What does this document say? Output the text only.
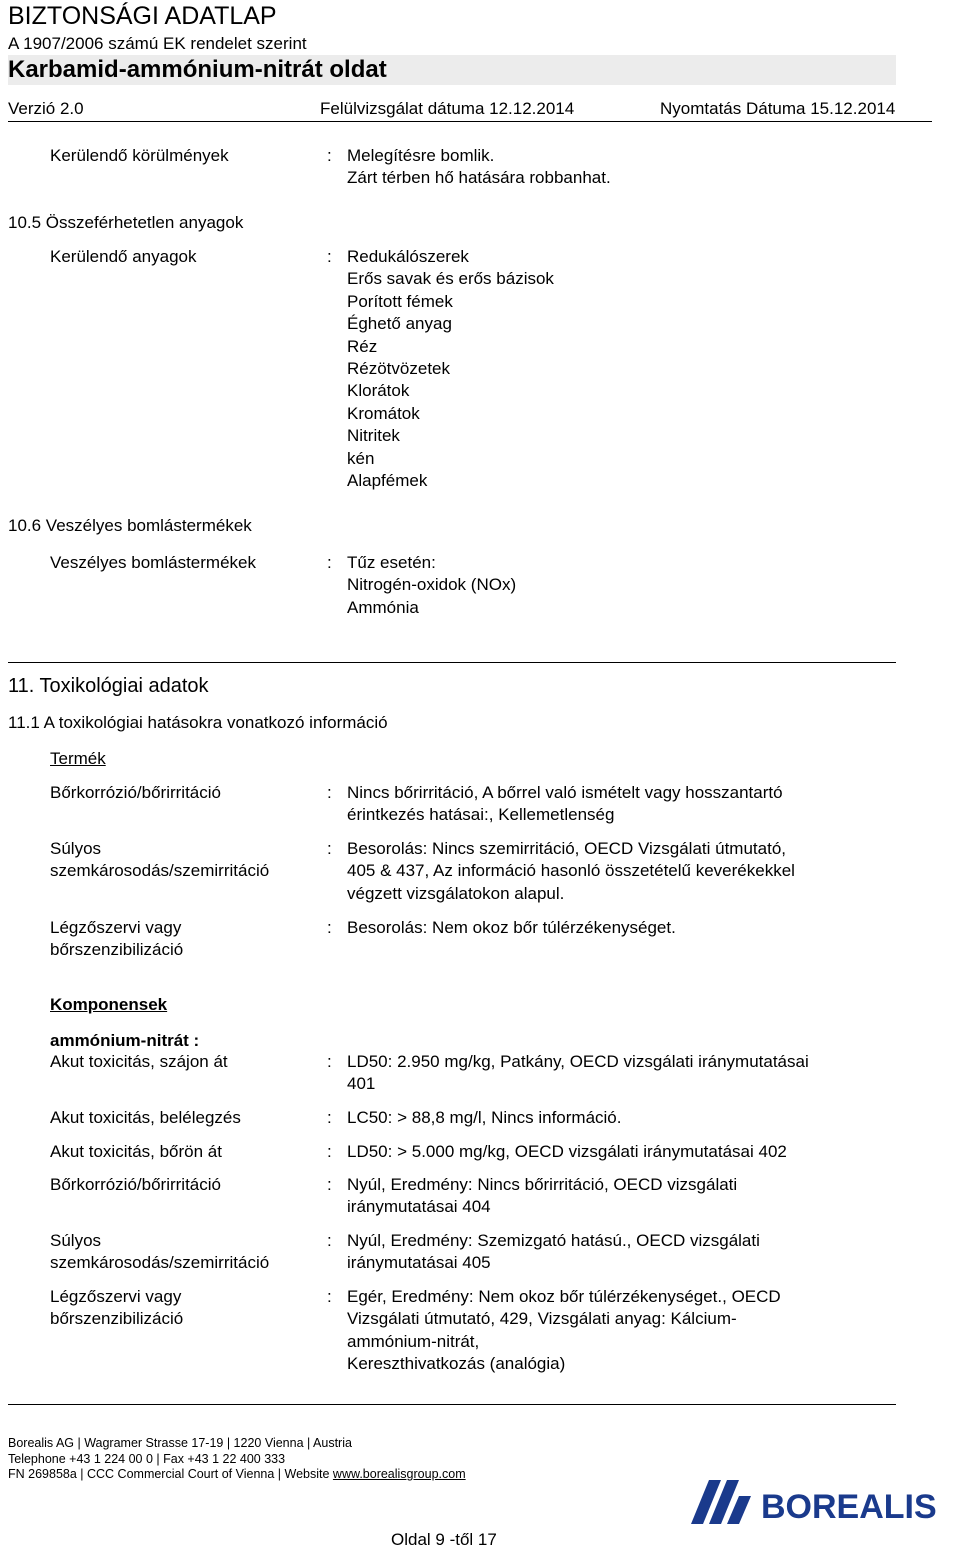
BIZTONSÁGI ADATLAP
A 1907/2006 számú EK rendelet szerint
Karbamid-ammónium-nitrát oldat
Verzió 2.0	Felülvizsgálat dátuma 12.12.2014	Nyomtatás Dátuma 15.12.2014
Kerülendő körülmények	: Melegítésre bomlik.
Zárt térben hő hatására robbanhat.
10.5 Összeférhetetlen anyagok
Kerülendő anyagok	: Redukálószerek
Erős savak és erős bázisok
Porított fémek
Éghető anyag
Réz
Rézötvözetek
Klorátok
Kromátok
Nitritek
kén
Alapfémek
10.6 Veszélyes bomlástermékek
Veszélyes bomlástermékek	: Tűz esetén:
Nitrogén-oxidok (NOx)
Ammónia
11. Toxikológiai adatok
11.1 A toxikológiai hatásokra vonatkozó információ
Termék
Bőrkorrózió/bőrirritáció	: Nincs bőrirritáció, A bőrrel való ismételt vagy hosszantartó
érintkezés hatásai:, Kellemetlenség
Súlyos
szemkárosodás/szemirritáció
: Besorolás: Nincs szemirritáció, OECD Vizsgálati útmutató,
405 & 437, Az információ hasonló összetételű keverékekkel
végzett vizsgálatokon alapul.
Légzőszervi vagy
bőrszenzibilizáció
: Besorolás: Nem okoz bőr túlérzékenységet.
Komponensek
ammónium-nitrát :
Akut toxicitás, szájon át	: LD50: 2.950 mg/kg, Patkány, OECD vizsgálati iránymutatásai
401
Akut toxicitás, belélegzés	: LC50: > 88,8 mg/l, Nincs információ.
Akut toxicitás, bőrön át	: LD50: > 5.000 mg/kg, OECD vizsgálati iránymutatásai 402
Bőrkorrózió/bőrirritáció	: Nyúl, Eredmény: Nincs bőrirritáció, OECD vizsgálati
iránymutatásai 404
Súlyos
szemkárosodás/szemirritáció
: Nyúl, Eredmény: Szemizgató hatású., OECD vizsgálati
iránymutatásai 405
Légzőszervi vagy
bőrszenzibilizáció
: Egér, Eredmény: Nem okoz bőr túlérzékenységet., OECD
Vizsgálati útmutató, 429, Vizsgálati anyag: Kálcium-
ammónium-nitrát,
Kereszthivatkozás (analógia)
Borealis AG | Wagramer Strasse 17-19 | 1220 Vienna | Austria
Telephone +43 1 224 00 0 | Fax +43 1 22 400 333
FN 269858a | CCC Commercial Court of Vienna | Website www.borealisgroup.com
BOREALIS
Oldal 9 -től 17
